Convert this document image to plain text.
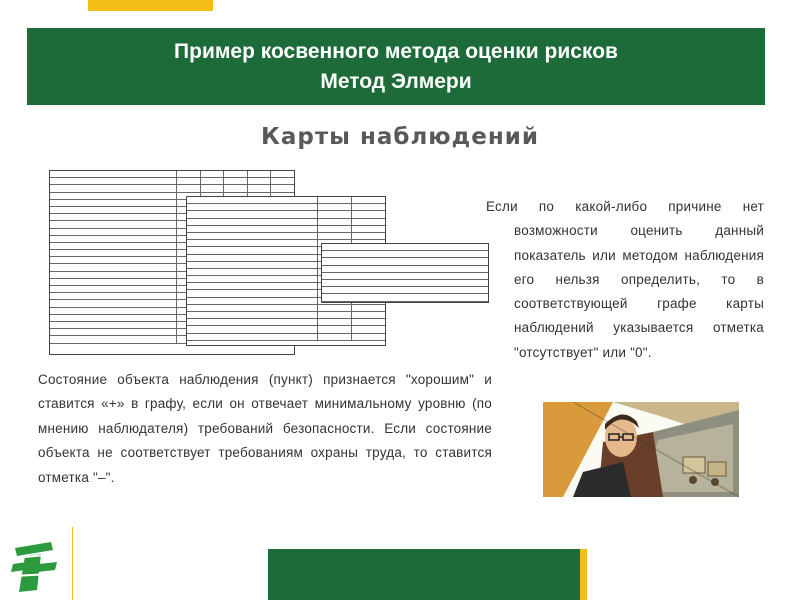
Пример косвенного метода оценки рисков
Метод Элмери
Карты наблюдений
Если по какой-либо причине нет возможности оценить данный показатель или методом наблюдения его нельзя определить, то в соответствующей графе карты наблюдений указывается отметка "отсутствует" или "0".
Состояние объекта наблюдения (пункт) признается "хорошим" и ставится «+» в графу, если он отвечает минимальному уровню (по мнению наблюдателя) требований безопасности. Если состояние объекта не соответствует требованиям охраны труда, то ставится отметка "–".
